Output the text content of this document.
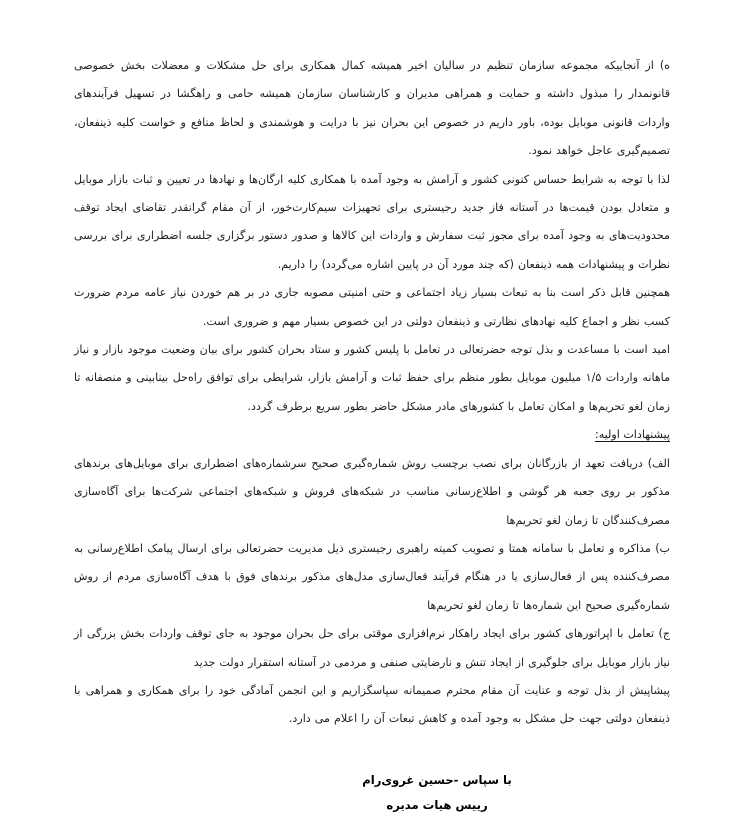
ه) از آنجاییکه مجموعه سازمان تنظیم در سالیان اخیر همیشه کمال همکاری برای حل مشکلات و معضلات بخش خصوصی قانونمدار را مبذول داشته و حمایت و همراهی مدیران و کارشناسان سازمان همیشه حامی و راهگشا در تسهیل فرآیندهای واردات قانونی موبایل بوده، باور داریم در خصوص این بحران نیز با درایت و هوشمندی و لحاظ منافع و خواست کلیه ذینفعان، تصمیم‌گیری عاجل خواهد نمود.

لذا با توجه به شرایط حساس کنونی کشور و آرامش به وجود آمده با همکاری کلیه ارگان‌ها و نهادها در تعیین و ثبات بازار موبایل و متعادل بودن قیمت‌ها در آستانه فاز جدید رجیستری برای تجهیزات سیم‌کارت‌خور، از آن مقام گرانقدر تقاضای ایجاد توقف محدودیت‌های به وجود آمده برای مجوز ثبت سفارش و واردات این کالاها و صدور دستور برگزاری جلسه اضطراری برای بررسی نظرات و پیشنهادات همه ذینفعان (که چند مورد آن در پایین اشاره می‌گردد) را داریم.

همچنین قابل ذکر است بنا به تبعات بسیار زیاد اجتماعی و حتی امنیتی مصوبه جاری در بر هم خوردن نیاز عامه مردم ضرورت کسب نظر و اجماع کلیه نهادهای نظارتی و ذینفعان دولتی در این خصوص بسیار مهم و ضروری است.

امید است با مساعدت و بذل توجه حضرتعالی در تعامل با پلیس کشور و ستاد بحران کشور برای بیان وضعیت موجود بازار و نیاز ماهانه واردات ۱/۵ میلیون موبایل بطور منظم برای حفظ ثبات و آرامش بازار، شرایطی برای توافق راه‌حل بینابینی و منصفانه تا زمان لغو تحریم‌ها و امکان تعامل با کشورهای مادر مشکل حاضر بطور سریع برطرف گردد.

پیشنهادات اولیه:

الف) دریافت تعهد از بازرگانان برای نصب برچسب روش شماره‌گیری صحیح سرشماره‌های اضطراری برای موبایل‌های برندهای مذکور بر روی جعبه هر گوشی و اطلاع‌رسانی مناسب در شبکه‌های فروش و شبکه‌های اجتماعی شرکت‌ها برای آگاه‌سازی مصرف‌کنندگان تا زمان لغو تحریم‌ها

ب) مذاکره و تعامل با سامانه همتا و تصویب کمیته راهبری رجیستری ذیل مدیریت حضرتعالی برای ارسال پیامک اطلاع‌رسانی به مصرف‌کننده پس از فعال‌سازی یا در هنگام فرآیند فعال‌سازی مدل‌های مذکور برندهای فوق با هدف آگاه‌سازی مردم از روش شماره‌گیری صحیح این شماره‌ها تا زمان لغو تحریم‌ها

ج) تعامل با اپراتورهای کشور برای ایجاد راهکار نرم‌افزاری موقتی برای حل بحران موجود به جای توقف واردات بخش بزرگی از نیاز بازار موبایل برای جلوگیری از ایجاد تنش و نارضایتی صنفی و مردمی در آستانه استقرار دولت جدید

پیشاپیش از بذل توجه و عنایت آن مقام محترم صمیمانه سپاسگزاریم و این انجمن آمادگی خود را برای همکاری و همراهی با ذینفعان دولتی جهت حل مشکل به وجود آمده و کاهش تبعات آن را اعلام می دارد.

با سپاس -حسین غروی‌رام

رییس هیات مدیره
